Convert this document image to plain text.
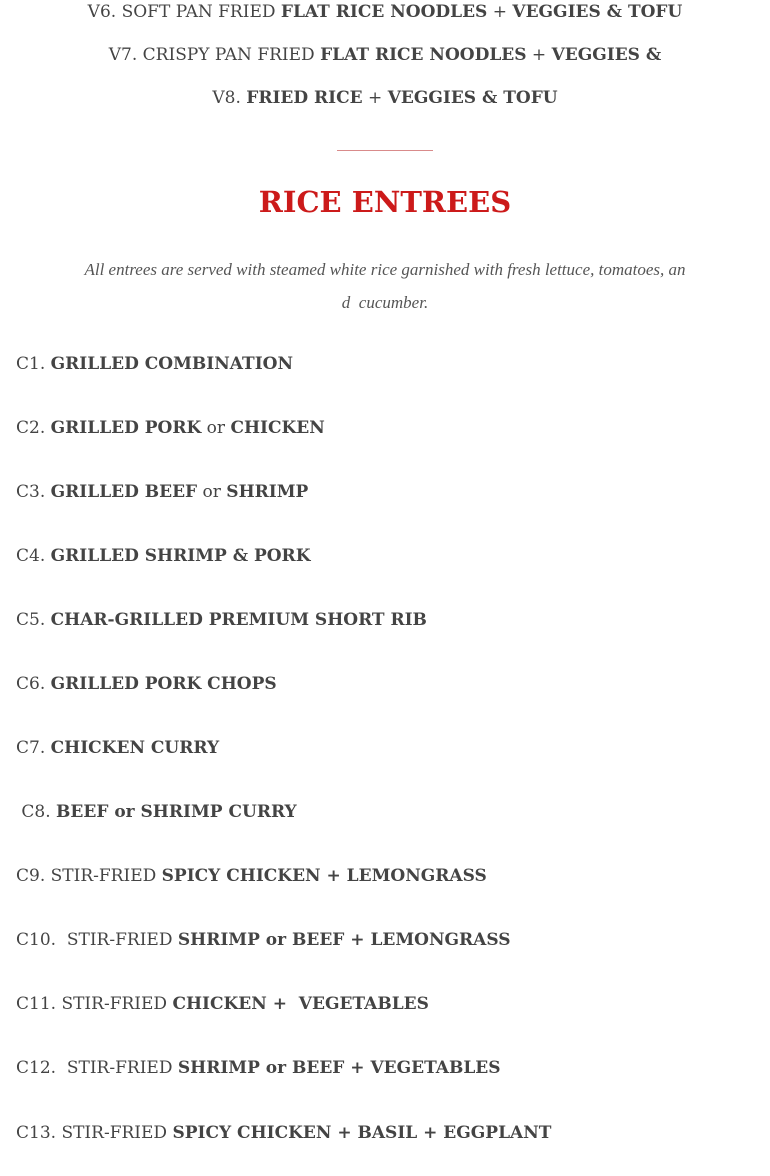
V6. SOFT PAN FRIED FLAT RICE NOODLES + VEGGIES & TOFU
V7. CRISPY PAN FRIED FLAT RICE NOODLES + VEGGIES &
V8. FRIED RICE + VEGGIES & TOFU
RICE ENTREES
All entrees are served with steamed white rice garnished with fresh lettuce, tomatoes, an
d  cucumber.
C1. GRILLED COMBINATION
C2. GRILLED PORK or CHICKEN
C3. GRILLED BEEF or SHRIMP
C4. GRILLED SHRIMP & PORK
C5. CHAR-GRILLED PREMIUM SHORT RIB
C6. GRILLED PORK CHOPS
C7. CHICKEN CURRY
C8. BEEF or SHRIMP CURRY
C9. STIR-FRIED SPICY CHICKEN + LEMONGRASS
C10.  STIR-FRIED SHRIMP or BEEF + LEMONGRASS
C11. STIR-FRIED CHICKEN +  VEGETABLES
C12.  STIR-FRIED SHRIMP or BEEF + VEGETABLES
C13. STIR-FRIED SPICY CHICKEN + BASIL + EGGPLANT
